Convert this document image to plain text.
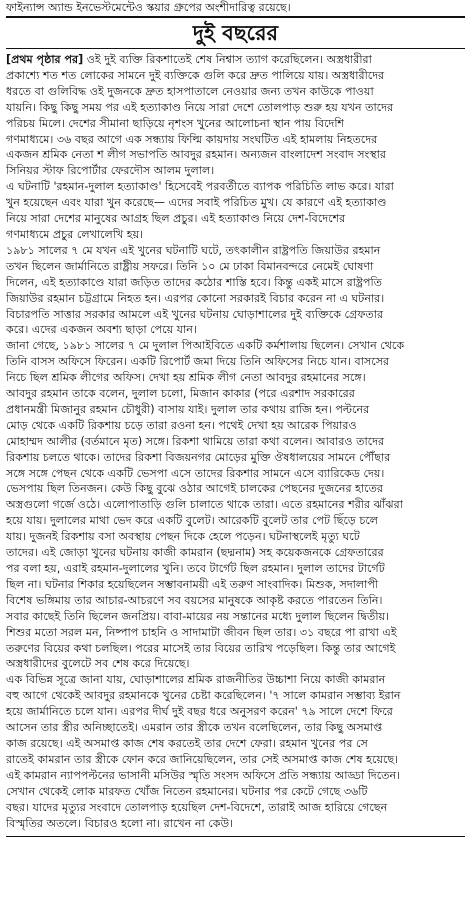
ফাইন্যান্স অ্যান্ড ইনভেস্টমেন্টেও স্কয়ার গ্রুপের অংশীদারিত্ব রয়েছে।
দুই বছরের
[প্রথম পৃষ্ঠার পর] ওই দুই ব্যক্তি রিকশাতেই শেষ নিশ্বাস ত্যাগ করেছিলেন। অস্ত্রধারীরা
প্রকাশ্যে শত শত লোকের সামনে দুই ব্যক্তিকে গুলি করে দ্রুত পালিয়ে যায়। অস্ত্রধারীদের
ধরতে বা গুলিবিদ্ধ ওই দুজনকে দ্রুত হাসপাতালে নেওয়ার জন্য তখন কাউকে পাওয়া
যায়নি। কিছু কিছু সময় পর এই হত্যাকাণ্ড নিয়ে সারা দেশে তোলপাড় শুরু হয় যখন তাদের
পরিচয় মিলে। দেশের সীমানা ছাড়িয়ে নৃশংস খুনের আলোচনা স্থান পায় বিদেশি
গণমাধ্যমে। ৩৬ বছর আগে এক সন্ধ্যায় ফিল্মি কায়দায় সংঘটিত এই হামলায় নিহতদের
একজন শ্রমিক নেতা শ লীগ সভাপতি আবদুর রহমান। অন্যজন বাংলাদেশ সংবাদ সংস্থার
সিনিয়র স্টাফ রিপোর্টার ফেরদৌস আলম দুলাল।
এ ঘটনাটি 'রহমান-দুলাল হত্যাকাণ্ড' হিসেবেই পরবর্তীতে ব্যাপক পরিচিতি লাভ করে। যারা
খুন হয়েছেন এবং যারা খুন করেছে— এদের সবাই পরিচিত মুখ। যে কারণে এই হত্যাকাণ্ড
নিয়ে সারা দেশের মানুষের আগ্রহ ছিল প্রচুর। এই হত্যাকাণ্ড নিয়ে দেশ-বিদেশের
গণমাধ্যমে প্রচুর লেখালেখি হয়।
১৯৮১ সালের ৭ মে যখন এই খুনের ঘটনাটি ঘটে, তৎকালীন রাষ্ট্রপতি জিয়াউর রহমান
তখন ছিলেন জার্মানিতে রাষ্ট্রীয় সফরে। তিনি ১০ মে ঢাকা বিমানবন্দরে নেমেই ঘোষণা
দিলেন, এই হত্যাকাণ্ডে যারা জড়িত তাদের কঠোর শাস্তি হবে। কিন্তু একই মাসে রাষ্ট্রপতি
জিয়াউর রহমান চট্টগ্রামে নিহত হন। এরপর কোনো সরকারই বিচার করেন না এ ঘটনার।
বিচারপতি সাত্তার সরকার আমলে এই খুনের ঘটনায় ঘোড়াশালের দুই ব্যক্তিকে গ্রেফতার
করে। এদের একজন অবশ্য ছাড়া পেয়ে যান।
জানা গেছে, ১৯৮১ সালের ৭ মে দুলাল পিআইবিতে একটি কর্মশালায় ছিলেন। সেখান থেকে
তিনি বাসস অফিসে ফিরেন। একটি রিপোর্ট জমা দিয়ে তিনি অফিসের নিচে যান। বাসসের
নিচে ছিল শ্রমিক লীগের অফিস। দেখা হয় শ্রমিক লীগ নেতা আবদুর রহমানের সঙ্গে।
আবদুর রহমান তাকে বলেন, দুলাল চলো, মিজান কাকার (পরে এরশাদ সরকারের
প্রধানমন্ত্রী মিজানুর রহমান চৌধুরী) বাসায় যাই। দুলাল তার কথায় রাজি হন। পল্টনের
মোড় থেকে একটি রিকশায় চড়ে তারা রওনা হন। পথেই দেখা হয় আরেক পিয়ারও
মোহাম্মদ আলীর (বর্তমানে মৃত) সঙ্গে। রিকশা থামিয়ে তারা কথা বলেন। আবারও তাদের
রিকশায় চলতে থাকে। তাদের রিকশা বিজয়নগর মোড়ের মুক্তি ঔষধালয়ের সামনে পৌঁছার
সঙ্গে সঙ্গে পেছন থেকে একটি ভেসপা এসে তাদের রিকশার সামনে এসে ব্যারিকেড দেয়।
ভেসপায় ছিল তিনজন। কেউ কিছু বুঝে ওঠার আগেই চালকের পেছনের দুজনের হাতের
অস্ত্রগুলো গর্জে ওঠে। এলোপাতাড়ি গুলি চালাতে থাকে তারা। এতে রহমানের শরীর ঝাঁঝরা
হয়ে যায়। দুলালের মাথা ভেদ করে একটি বুলেট। আরেকটি বুলেট তার পেট ছিঁড়ে চলে
যায়। দুজনই রিকশায় বসা অবস্থায় পেছন দিকে হেলে পড়েন। ঘটনাস্থলেই মৃত্যু ঘটে
তাদের। এই জোড়া খুনের ঘটনায় কাজী কামরান (ছদ্মনাম) সহ কয়েকজনকে গ্রেফতারের
পর বলা হয়, এরাই রহমান-দুলালের খুনি। তবে টার্গেট ছিল রহমান। দুলাল তাদের টার্গেট
ছিল না। ঘটনার শিকার হয়েছিলেন সম্ভাবনাময়ী এই তরুণ সাংবাদিক। মিশুক, সদালাপী
বিশেষ ভঙ্গিমায় তার আচার-আচরণে সব বয়সের মানুষকে আকৃষ্ট করতে পারতেন তিনি।
সবার কাছেই তিনি ছিলেন জনপ্রিয়। বাবা-মায়ের নয় সন্তানের মধ্যে দুলাল ছিলেন দ্বিতীয়।
শিশুর মতো সরল মন, নিষ্পাপ চাহনি ও সাদামাটা জীবন ছিল তার। ৩১ বছরে পা রাখা এই
তরুণের বিয়ের কথা চলছিল। পরের মাসেই তার বিয়ের তারিখ পড়েছিল। কিন্তু তার আগেই
অস্ত্রধারীদের বুলেটে সব শেষ করে দিয়েছে।
এক বিভিন্ন সূত্রে জানা যায়, ঘোড়াশালের শ্রমিক রাজনীতির উচ্চাশা নিয়ে কাজী কামরান
বহু আগে থেকেই আবদুর রহমানকে খুনের চেষ্টা করেছিলেন। '৭ সালে কামরান সম্ভাব্য ইরান
হয়ে জার্মানিতে চলে যান। এরপর দীর্ঘ দুই বছর ধরে অনুসরণ করেন' ৭৯ সালে দেশে ফিরে
আসেন তার স্ত্রীর অনিচ্ছাতেই। এমরান তার স্ত্রীকে তখন বলেছিলেন, তার কিছু অসমাপ্ত
কাজ রয়েছে। এই অসমাপ্ত কাজ শেষ করতেই তার দেশে ফেরা। রহমান খুনের পর সে
রাতেই কামরান তার স্ত্রীকে ফোন করে জানিয়েছিলেন, তার সেই অসমাপ্ত কাজ শেষ হয়েছে।
এই কামরান ন্যাপপল্টনের ভাসানী মসিউর স্মৃতি সংসদ অফিসে প্রতি সন্ধ্যায় আড্ডা দিতেন।
সেখান থেকেই লোক মারফত খোঁজ নিতেন রহমানের। ঘটনার পর কেটে গেছে ৩৬টি
বছর। যাদের মৃত্যুর সংবাদে তোলপাড় হয়েছিল দেশ-বিদেশে, তারাই আজ হারিয়ে গেছেন
বিস্মৃতির অতলে। বিচারও হলো না। রাখেন না কেউ।
